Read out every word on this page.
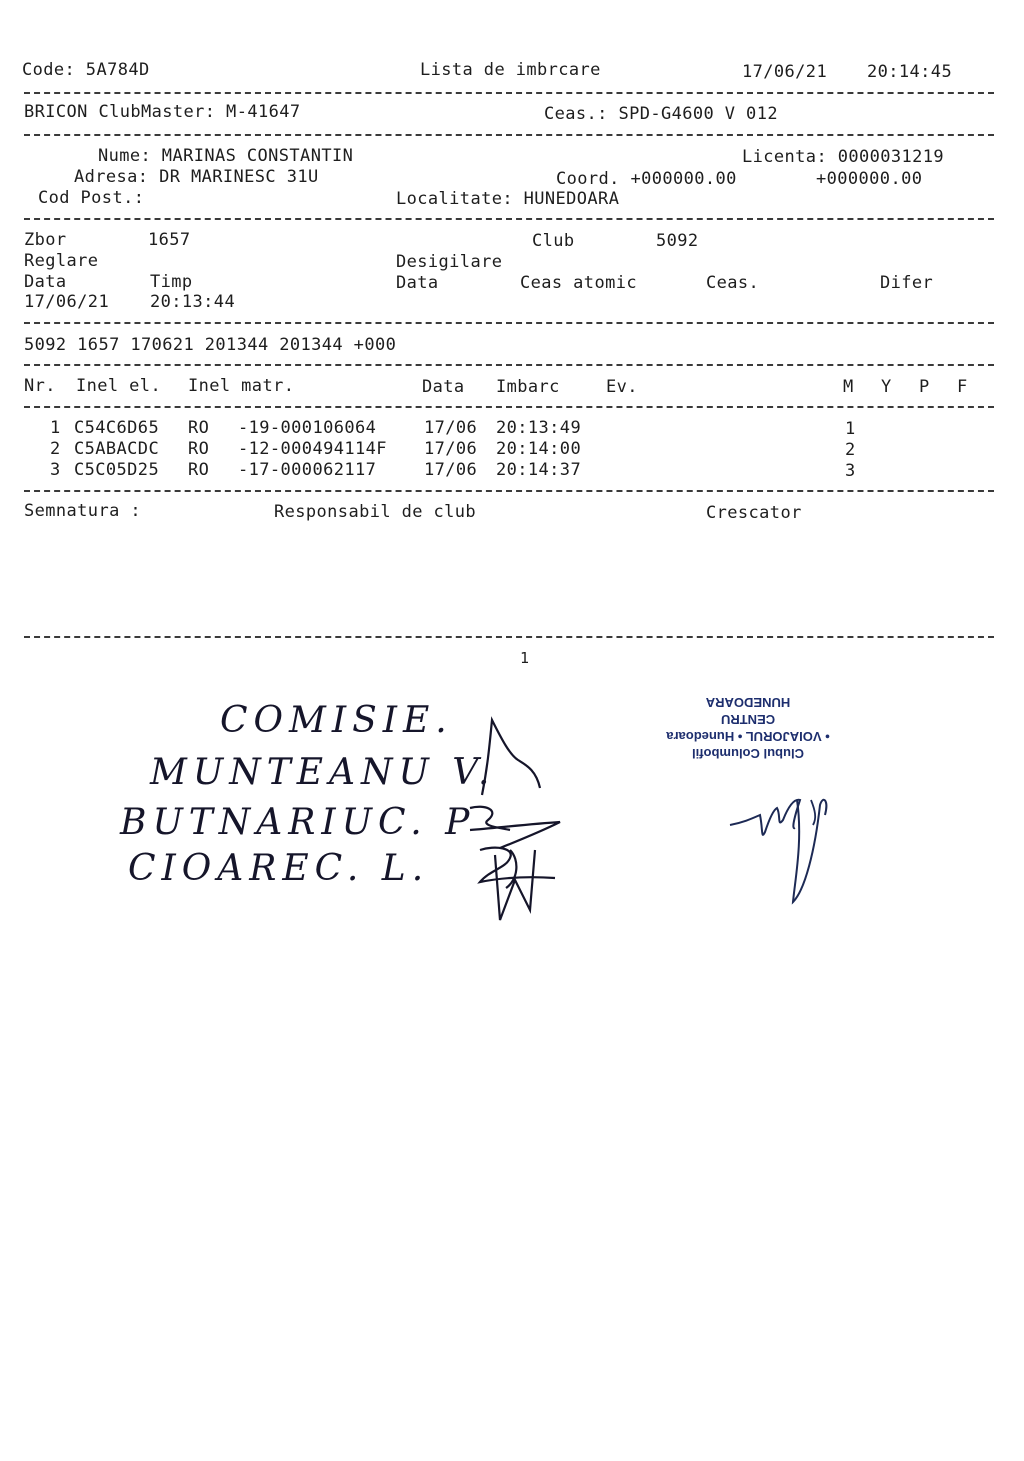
Code: 5A784D	Lista de imbrcare	17/06/21 20:14:45
BRICON ClubMaster: M-41647	Ceas.: SPD-G4600 V 012
Nume: MARINAS CONSTANTIN	Licenta: 0000031219
Adresa: DR MARINESC 31U	Coord. +000000.00	+000000.00
Cod Post.:	Localitate: HUNEDOARA
Zbor	1657	Club	5092
Reglare	Desigilare
Data	Timp	Data	Ceas atomic	Ceas.	Difer
17/06/21 20:13:44
5092 1657 170621 201344 201344 +000
Nr. Inel el. Inel matr.	Data Imbarc	Ev.	M Y P F
1 C54C6D65 RO -19-000106064	17/06 20:13:49	1
2 C5ABACDC RO -12-000494114F 17/06 20:14:00	2
3 C5C05D25 RO -17-000062117	17/06 20:14:37	3
Semnatura :	Responsabil de club	Crescator
1
COMISIE.
MUNTEANU V.
BUTNARIUC. P
CIOAREC. L.
Clubul Columbofil
• VOIAJORUL • Hunedoara
CENTRU
HUNEDOARA
